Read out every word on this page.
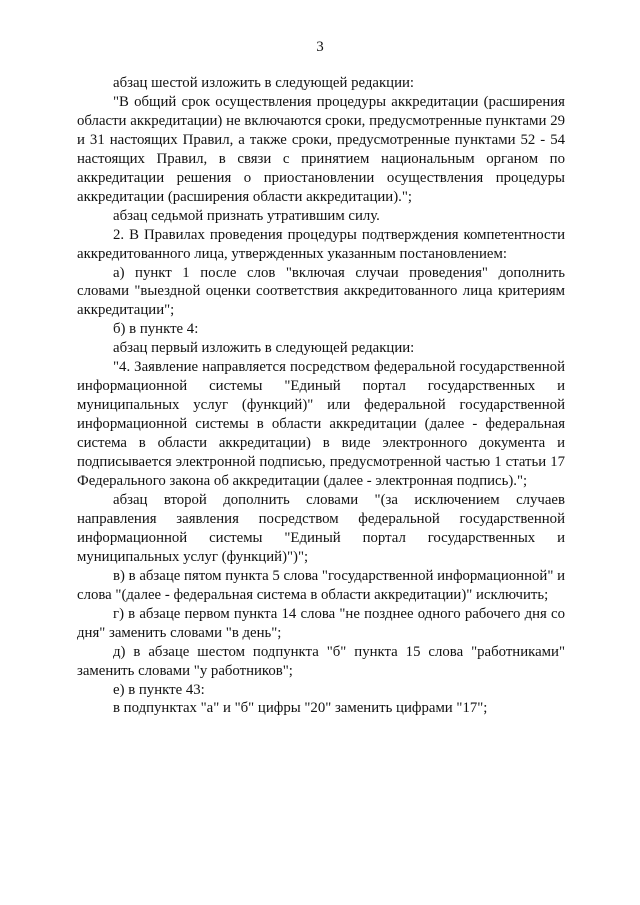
3

абзац шестой изложить в следующей редакции:

"В общий срок осуществления процедуры аккредитации (расширения области аккредитации) не включаются сроки, предусмотренные пунктами 29 и 31 настоящих Правил, а также сроки, предусмотренные пунктами 52 - 54 настоящих Правил, в связи с принятием национальным органом по аккредитации решения о приостановлении осуществления процедуры аккредитации (расширения области аккредитации).";

абзац седьмой признать утратившим силу.

2. В Правилах проведения процедуры подтверждения компетентности аккредитованного лица, утвержденных указанным постановлением:

а) пункт 1 после слов "включая случаи проведения" дополнить словами "выездной оценки соответствия аккредитованного лица критериям аккредитации";

б) в пункте 4:

абзац первый изложить в следующей редакции:

"4. Заявление направляется посредством федеральной государственной информационной системы "Единый портал государственных и муниципальных услуг (функций)" или федеральной государственной информационной системы в области аккредитации (далее - федеральная система в области аккредитации) в виде электронного документа и подписывается электронной подписью, предусмотренной частью 1 статьи 17 Федерального закона об аккредитации (далее - электронная подпись).";

абзац второй дополнить словами "(за исключением случаев направления заявления посредством федеральной государственной информационной системы "Единый портал государственных и муниципальных услуг (функций)")";

в) в абзаце пятом пункта 5 слова "государственной информационной" и слова "(далее - федеральная система в области аккредитации)" исключить;

г) в абзаце первом пункта 14 слова "не позднее одного рабочего дня со дня" заменить словами "в день";

д) в абзаце шестом подпункта "б" пункта 15 слова "работниками" заменить словами "у работников";

е) в пункте 43:

в подпунктах "а" и "б" цифры "20" заменить цифрами "17";
